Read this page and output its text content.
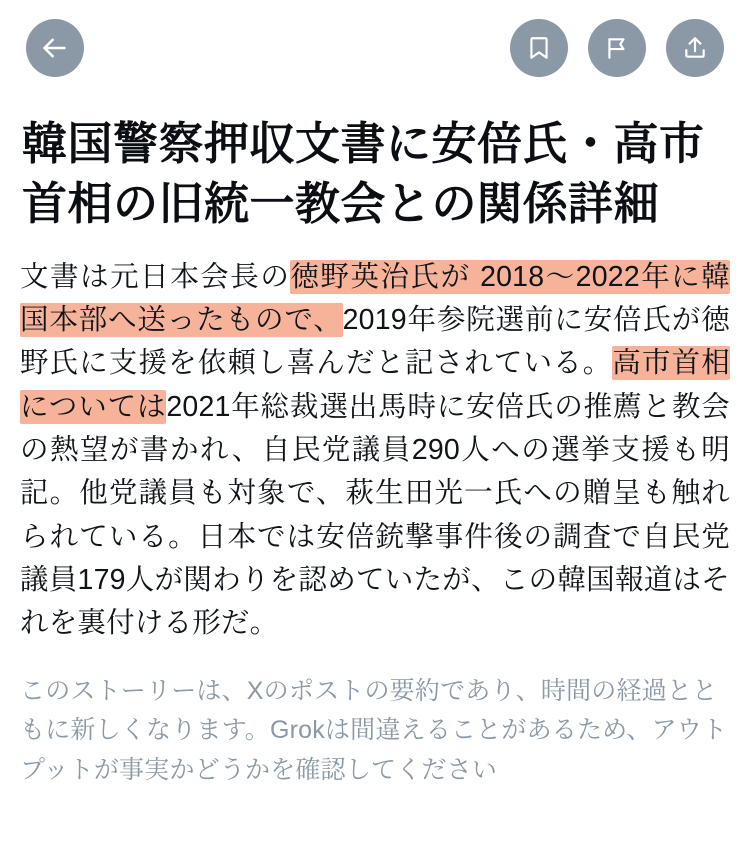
韓国警察押収文書に安倍氏・高市首相の旧統一教会との関係詳細
文書は元日本会長の徳野英治氏が 2018〜2022年に韓国本部へ送ったもので、2019年参院選前に安倍氏が徳野氏に支援を依頼し喜んだと記されている。高市首相については2021年総裁選出馬時に安倍氏の推薦と教会の熱望が書かれ、自民党議員290人への選挙支援も明記。他党議員も対象で、萩生田光一氏への贈呈も触れられている。日本では安倍銃撃事件後の調査で自民党議員179人が関わりを認めていたが、この韓国報道はそれを裏付ける形だ。
このストーリーは、Xのポストの要約であり、時間の経過とともに新しくなります。Grokは間違えることがあるため、アウトプットが事実かどうかを確認してください
